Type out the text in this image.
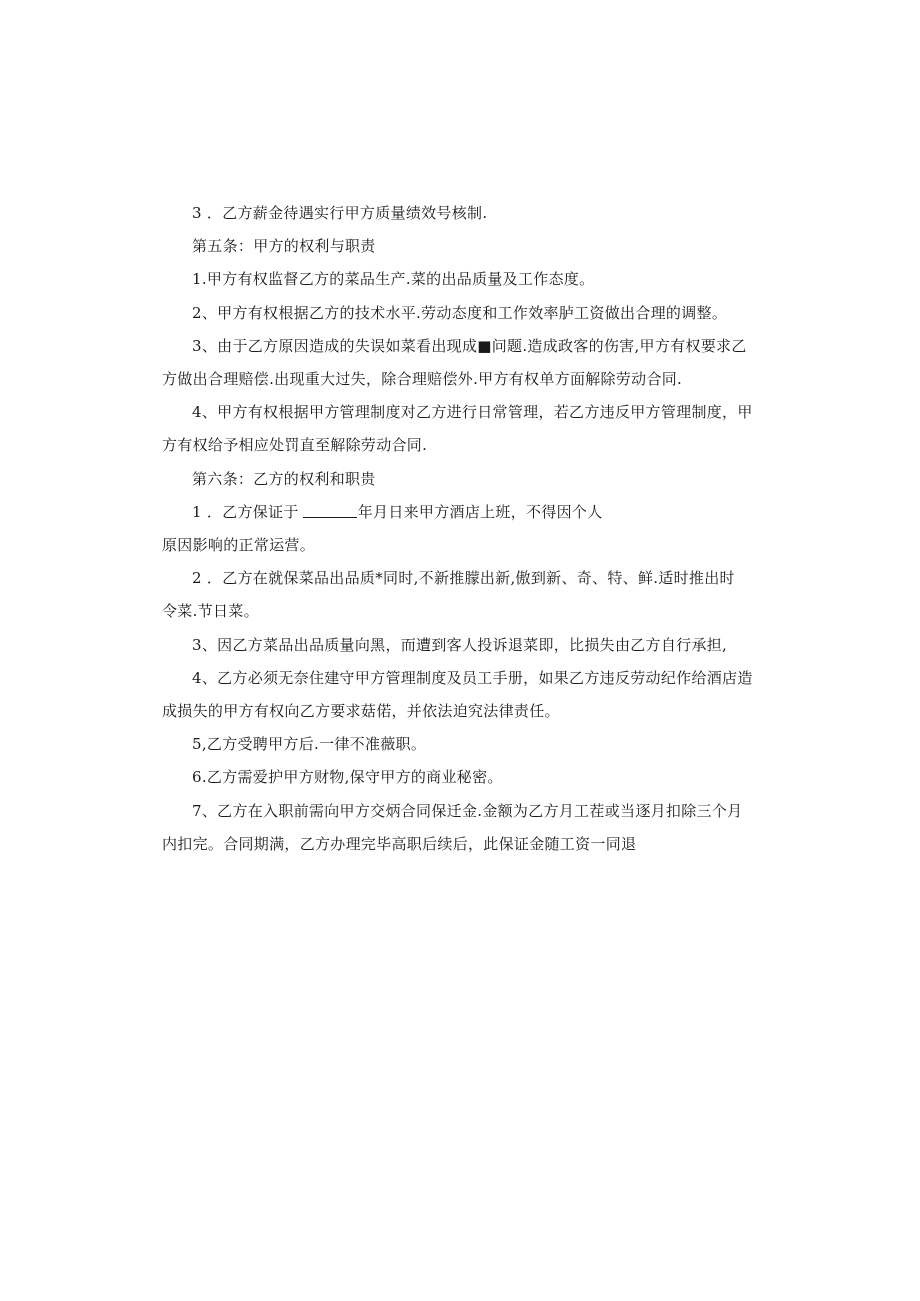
3 ．乙方薪金待遇实行甲方质量绩效号核制.
第五条：甲方的权利与职责
1.甲方有权监督乙方的菜品生产.菜的出品质量及工作态度。
2、甲方有权根据乙方的技术水平.劳动态度和工作效率胪工资做出合理的调整。
3、由于乙方原因造成的失误如菜看出现成■问题.造成政客的伤害,甲方有权要求乙
方做出合理赔偿.出现重大过失，除合理赔偿外.甲方有权单方面解除劳动合同.
4、甲方有权根据甲方管理制度对乙方进行日常管理，若乙方违反甲方管理制度，甲
方有权给予相应处罚直至解除劳动合同.
第六条：乙方的权利和职贵
1 ．乙方保证于	年月日来甲方酒店上班，不得因个人
原因影响的正常运营。
2 ．乙方在就保菜品出品质*同时,不新推朦出新,傲到新、奇、特、鲜.适时推出时
令菜.节日菜。
3、因乙方菜品出品质量向黑，而遭到客人投诉退菜即，比损失由乙方自行承担,
4、乙方必须无奈住建守甲方管理制度及员工手册，如果乙方违反劳动纪作给酒店造
成损失的甲方有权向乙方要求菇偌，并依法迫究法律责任。
5,乙方受聘甲方后.一律不准薇职。
6.乙方需爱护甲方财物,保守甲方的商业秘密。
7、乙方在入职前需向甲方交炳合同保迁金.金额为乙方月工茬或当逐月扣除三个月
内扣完。合同期满，乙方办理完毕高职后续后，此保证金随工资一同退
